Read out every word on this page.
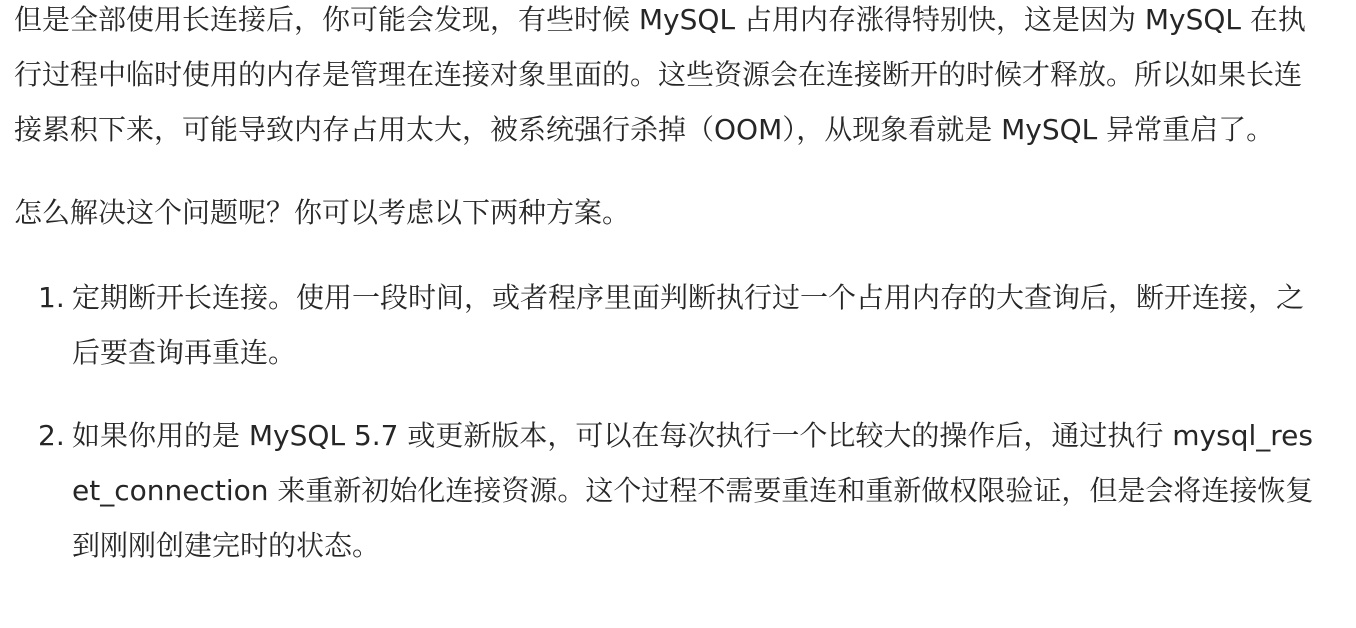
但是全部使用长连接后，你可能会发现，有些时候 MySQL 占用内存涨得特别快，这是因为 MySQL 在执行过程中临时使用的内存是管理在连接对象里面的。这些资源会在连接断开的时候才释放。所以如果长连接累积下来，可能导致内存占用太大，被系统强行杀掉（OOM），从现象看就是 MySQL 异常重启了。

怎么解决这个问题呢？你可以考虑以下两种方案。

1. 定期断开长连接。使用一段时间，或者程序里面判断执行过一个占用内存的大查询后，断开连接，之后要查询再重连。
2. 如果你用的是 MySQL 5.7 或更新版本，可以在每次执行一个比较大的操作后，通过执行 mysql_reset_connection 来重新初始化连接资源。这个过程不需要重连和重新做权限验证，但是会将连接恢复到刚刚创建完时的状态。
